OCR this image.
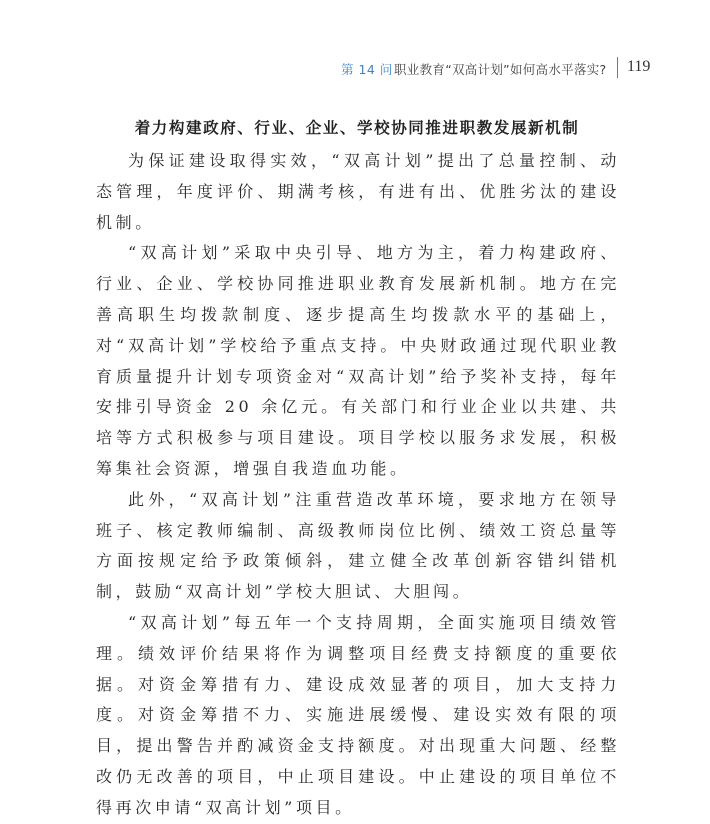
第 14 问 职业教育“双高计划”如何高水平落实? 119
着力构建政府、行业、企业、学校协同推进职教发展新机制

为保证建设取得实效，“双高计划”提出了总量控制、动态管理，年度评价、期满考核，有进有出、优胜劣汰的建设机制。

“双高计划”采取中央引导、地方为主，着力构建政府、行业、企业、学校协同推进职业教育发展新机制。地方在完善高职生均拨款制度、逐步提高生均拨款水平的基础上，对“双高计划”学校给予重点支持。中央财政通过现代职业教育质量提升计划专项资金对“双高计划”给予奖补支持，每年安排引导资金 20 余亿元。有关部门和行业企业以共建、共培等方式积极参与项目建设。项目学校以服务求发展，积极筹集社会资源，增强自我造血功能。

此外，“双高计划”注重营造改革环境，要求地方在领导班子、核定教师编制、高级教师岗位比例、绩效工资总量等方面按规定给予政策倾斜，建立健全改革创新容错纠错机制，鼓励“双高计划”学校大胆试、大胆闯。

“双高计划”每五年一个支持周期，全面实施项目绩效管理。绩效评价结果将作为调整项目经费支持额度的重要依据。对资金筹措有力、建设成效显著的项目，加大支持力度。对资金筹措不力、实施进展缓慢、建设实效有限的项目，提出警告并酌减资金支持额度。对出现重大问题、经整改仍无改善的项目，中止项目建设。中止建设的项目单位不得再次申请“双高计划”项目。
